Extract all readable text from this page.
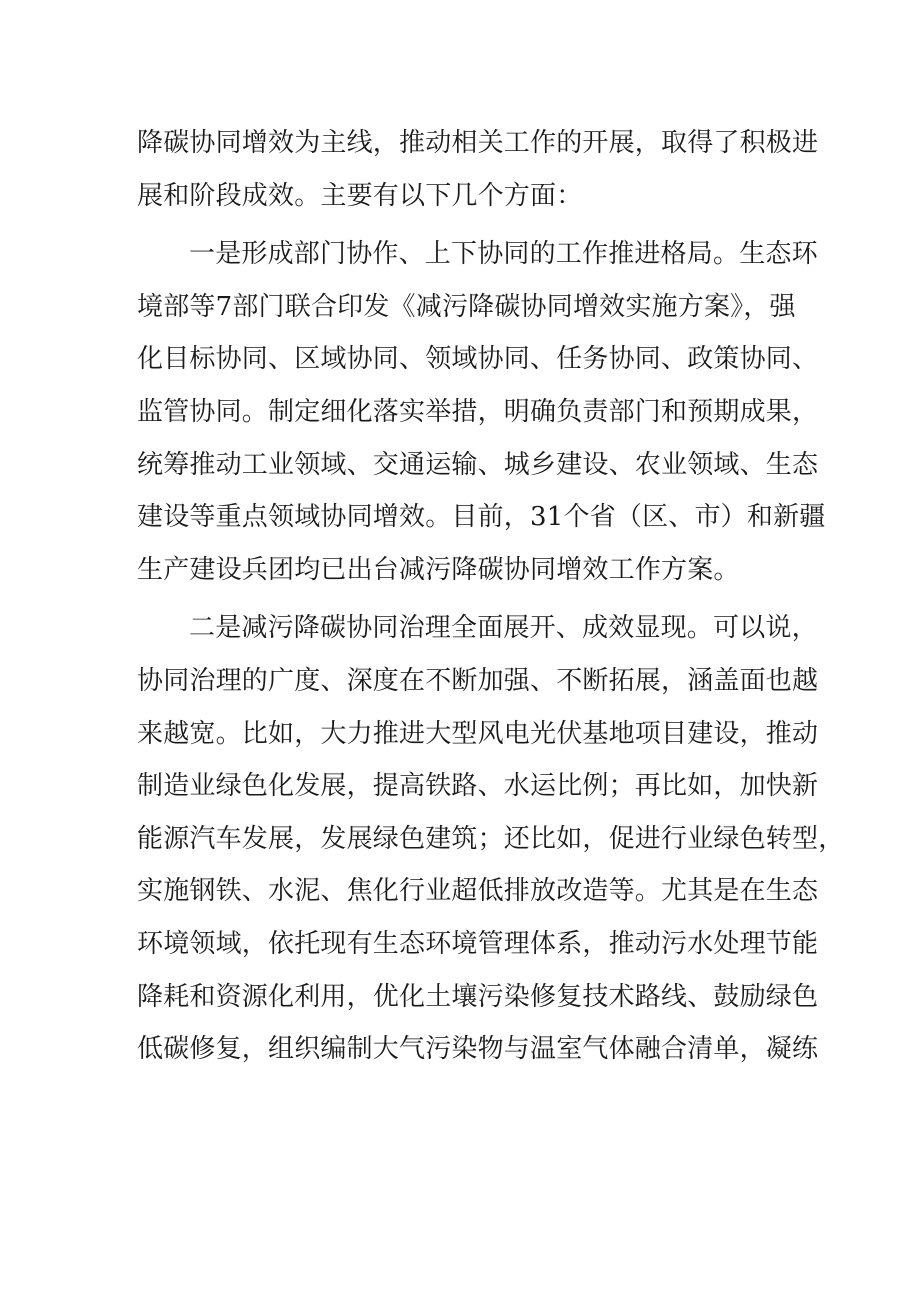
降碳协同增效为主线，推动相关工作的开展，取得了积极进
展和阶段成效。主要有以下几个方面：
一是形成部门协作、上下协同的工作推进格局。生态环
境部等7部门联合印发《减污降碳协同增效实施方案》，强
化目标协同、区域协同、领域协同、任务协同、政策协同、
监管协同。制定细化落实举措，明确负责部门和预期成果，
统筹推动工业领域、交通运输、城乡建设、农业领域、生态
建设等重点领域协同增效。目前，31个省（区、市）和新疆
生产建设兵团均已出台减污降碳协同增效工作方案。
二是减污降碳协同治理全面展开、成效显现。可以说，
协同治理的广度、深度在不断加强、不断拓展，涵盖面也越
来越宽。比如，大力推进大型风电光伏基地项目建设，推动
制造业绿色化发展，提高铁路、水运比例；再比如，加快新
能源汽车发展，发展绿色建筑；还比如，促进行业绿色转型，
实施钢铁、水泥、焦化行业超低排放改造等。尤其是在生态
环境领域，依托现有生态环境管理体系，推动污水处理节能
降耗和资源化利用，优化土壤污染修复技术路线、鼓励绿色
低碳修复，组织编制大气污染物与温室气体融合清单，凝练
